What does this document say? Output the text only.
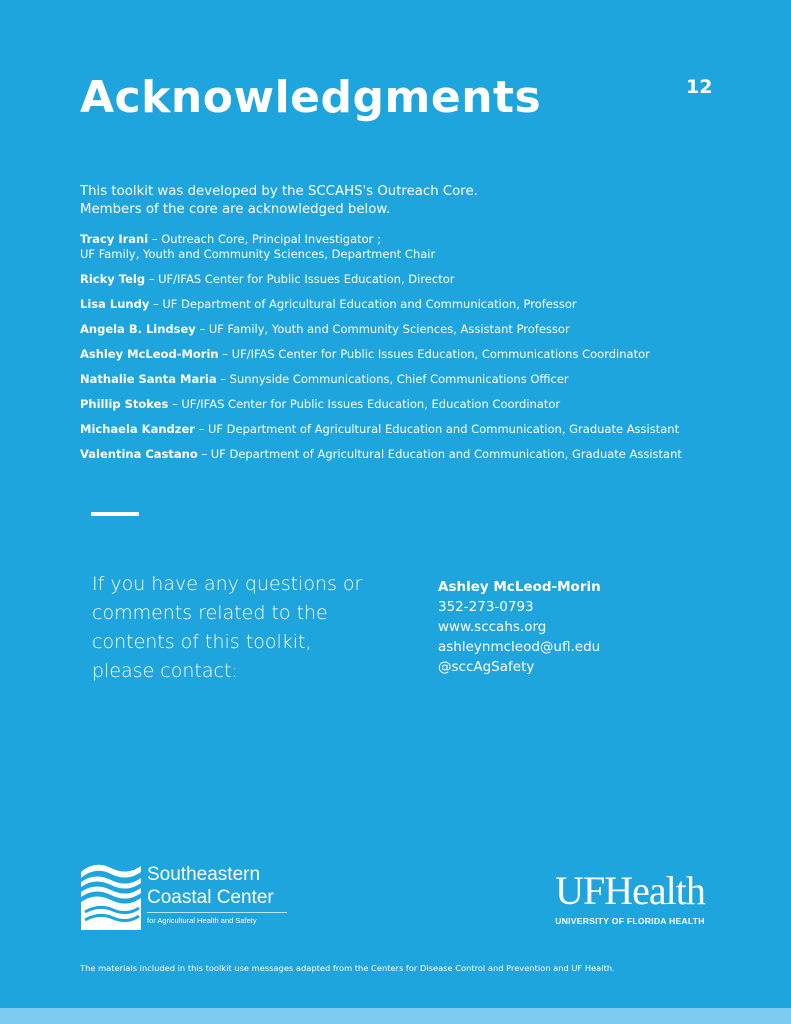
Acknowledgments	12

This toolkit was developed by the SCCAHS's Outreach Core.

Members of the core are acknowledged below.

Tracy Irani – Outreach Core, Principal Investigator ;
UF Family, Youth and Community Sciences, Department Chair
Ricky Telg – UF/IFAS Center for Public Issues Education, Director
Lisa Lundy – UF Department of Agricultural Education and Communication, Professor
Angela B. Lindsey – UF Family, Youth and Community Sciences, Assistant Professor
Ashley McLeod-Morin – UF/IFAS Center for Public Issues Education, Communications Coordinator
Nathalie Santa Maria – Sunnyside Communications, Chief Communications Officer
Phillip Stokes – UF/IFAS Center for Public Issues Education, Education Coordinator
Michaela Kandzer – UF Department of Agricultural Education and Communication, Graduate Assistant
Valentina Castano – UF Department of Agricultural Education and Communication, Graduate Assistant
If you have any questions or
comments related to the
contents of this toolkit,
please contact:
Ashley McLeod-Morin
352-273-0793
www.sccahs.org
ashleynmcleod@ufl.edu
@sccAgSafety
Southeastern
Coastal Center
for Agricultural Health and Safety
UFHealth
UNIVERSITY OF FLORIDA HEALTH
The materials included in this toolkit use messages adapted from the Centers for Disease Control and Prevention and UF Health.
